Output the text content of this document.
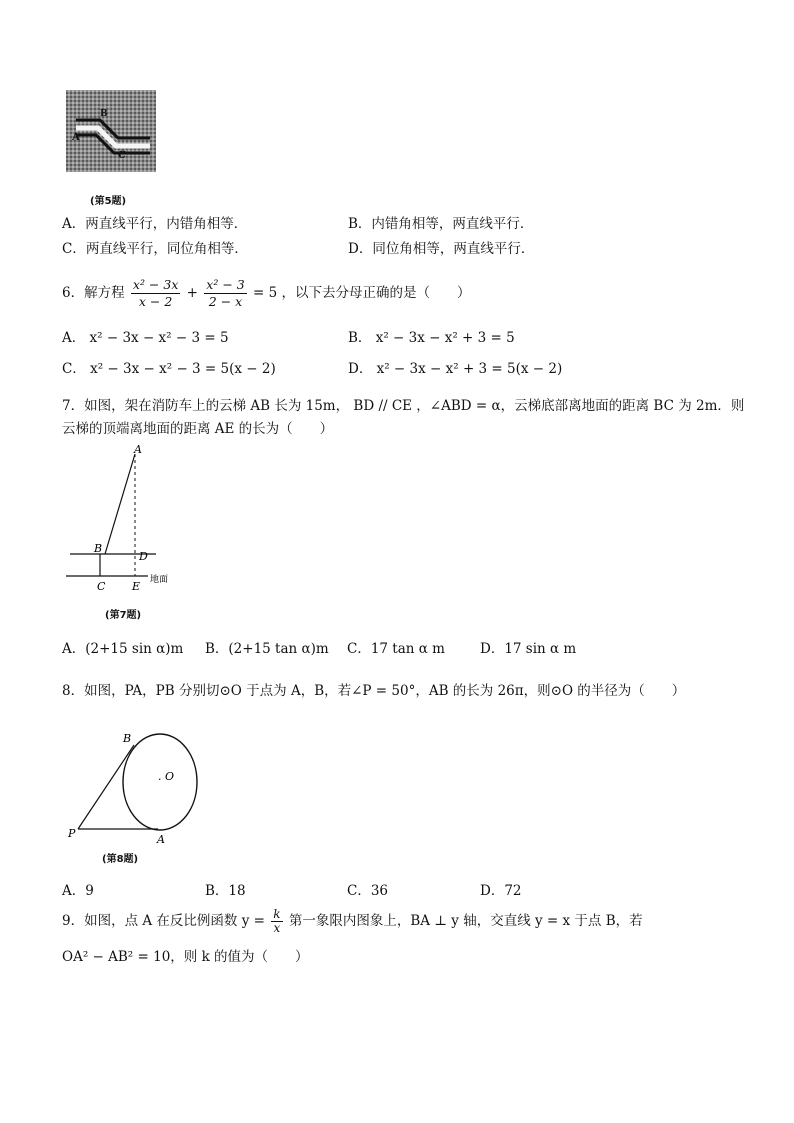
A
B
C
(第5题)
A．两直线平行，内错角相等．	B．内错角相等，两直线平行．
C．两直线平行，同位角相等．	D．同位角相等，两直线平行．
6．解方程 $\frac{\text{x² − 3x}}{x - 2} + \frac{\text{x² − 3}}{2 - x} = 5$ ，以下去分母正确的是（　　）
A． x² − 3x − x² − 3 = 5	B． x² − 3x − x² + 3 = 5
C． x² − 3x − x² − 3 = 5(x − 2)	D． x² − 3x − x² + 3 = 5(x − 2)
7．如图，架在消防车上的云梯 AB 长为 15m， BD // CE ，∠ABD = α，云梯底部离地面的距离 BC 为 2m．则
云梯的顶端离地面的距离 AE 的长为（　　）
A
B
D
C E 地面
(第7题)
A．(2+15 sin α)m B．(2+15 tan α)m C．17 tan α m	D．17 sin α m
8．如图，PA，PB 分别切⊙O 于点为 A，B，若∠P = 50°，AB 的长为 26π，则⊙O 的半径为（　　）
B
. O
P	A
(第8题)
A．9	B．18	C．36	D．72
9．如图，点 A 在反比例函数 $y = \frac{k}{x}$ 第一象限内图象上，BA ⊥ y 轴，交直线 y = x 于点 B，若
OA² − AB² = 10，则 k 的值为（　　）
